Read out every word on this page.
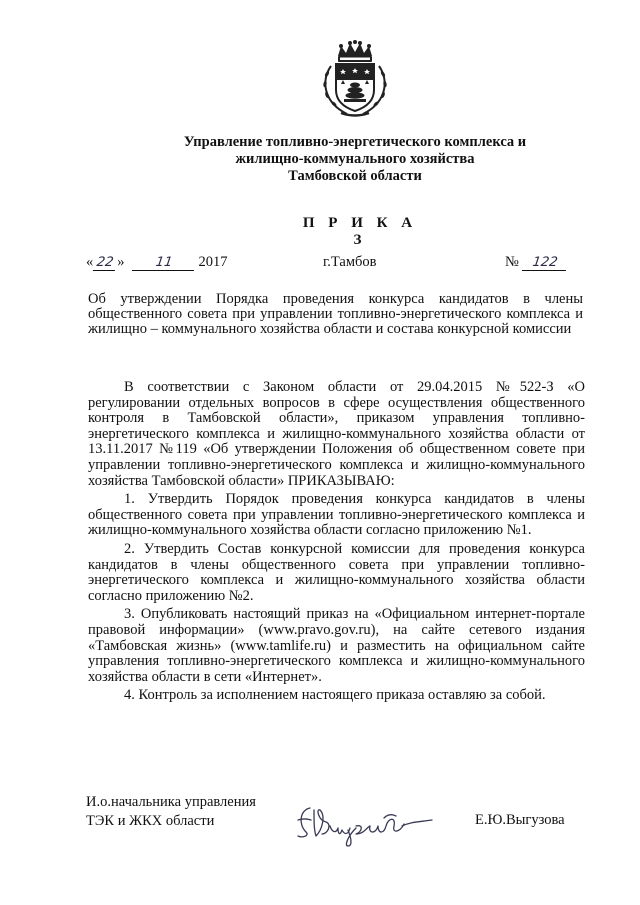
Управление топливно-энергетического комплекса и
жилищно-коммунального хозяйства
Тамбовской области
П Р И К А З
« 22 » 11 2017	г.Тамбов	№ 122
Об утверждении Порядка проведения конкурса кандидатов в члены общественного совета при управлении топливно-энергетического комплекса и жилищно – коммунального хозяйства области и состава конкурсной комиссии

В соответствии с Законом области от 29.04.2015 №522-З «О регулировании отдельных вопросов в сфере осуществления общественного контроля в Тамбовской области», приказом управления топливно-энергетического комплекса и жилищно-коммунального хозяйства области от 13.11.2017 №119 «Об утверждении Положения об общественном совете при управлении топливно-энергетического комплекса и жилищно-коммунального хозяйства Тамбовской области» ПРИКАЗЫВАЮ:

1. Утвердить Порядок проведения конкурса кандидатов в члены общественного совета при управлении топливно-энергетического комплекса и жилищно-коммунального хозяйства области согласно приложению №1.

2. Утвердить Состав конкурсной комиссии для проведения конкурса кандидатов в члены общественного совета при управлении топливно-энергетического комплекса и жилищно-коммунального хозяйства области согласно приложению №2.

3. Опубликовать настоящий приказ на «Официальном интернет-портале правовой информации» (www.pravo.gov.ru), на сайте сетевого издания «Тамбовская жизнь» (www.tamlife.ru) и разместить на официальном сайте управления топливно-энергетического комплекса и жилищно-коммунального хозяйства области в сети «Интернет».

4. Контроль за исполнением настоящего приказа оставляю за собой.

И.о.начальника управления
ТЭК и ЖКХ области	Е.Ю.Выгузова
